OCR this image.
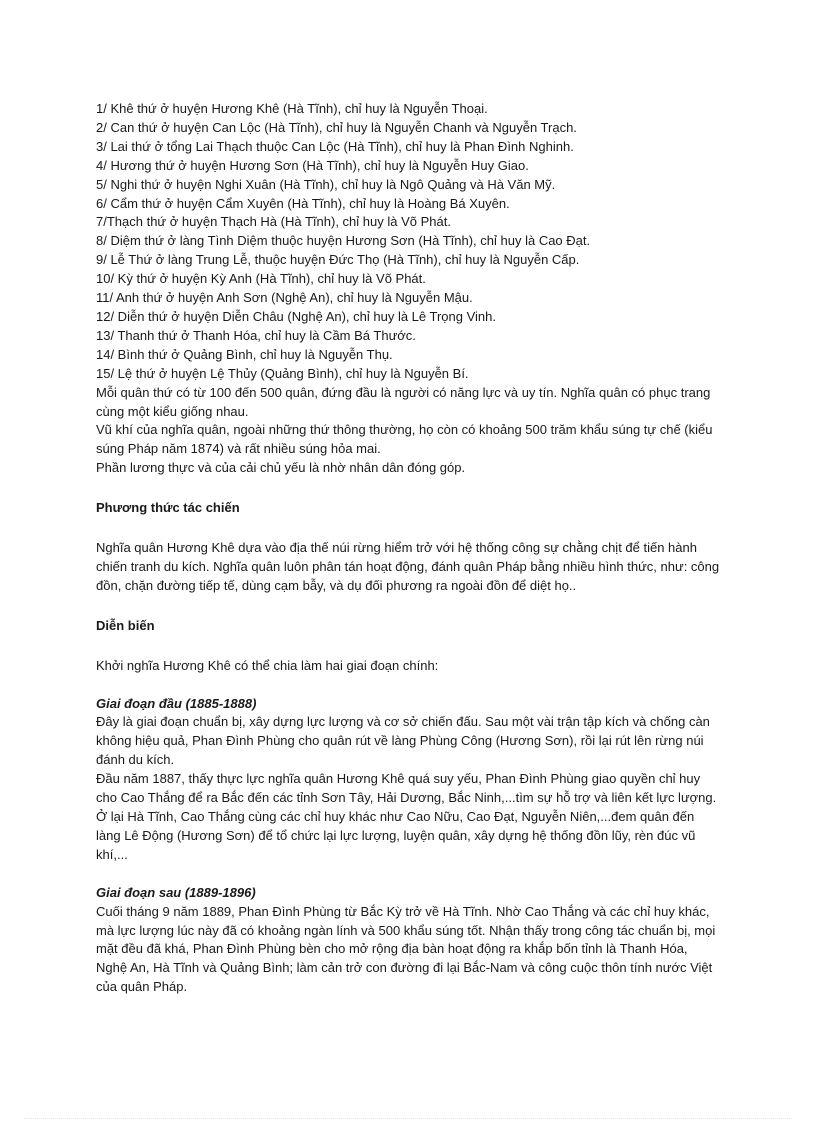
1/ Khê thứ ở huyện Hương Khê (Hà Tĩnh), chỉ huy là Nguyễn Thoại.
2/ Can thứ ở huyện Can Lộc (Hà Tĩnh), chỉ huy là Nguyễn Chanh và Nguyễn Trạch.
3/ Lai thứ ở tổng Lai Thạch thuộc Can Lộc (Hà Tĩnh), chỉ huy là Phan Đình Nghinh.
4/ Hương thứ ở huyện Hương Sơn (Hà Tĩnh), chỉ huy là Nguyễn Huy Giao.
5/ Nghi thứ ở huyện Nghi Xuân (Hà Tĩnh), chỉ huy là Ngô Quảng và Hà Văn Mỹ.
6/ Cẩm thứ ở huyện Cẩm Xuyên (Hà Tĩnh), chỉ huy là Hoàng Bá Xuyên.
7/Thạch thứ ở huyện Thạch Hà (Hà Tĩnh), chỉ huy là Võ Phát.
8/ Diệm thứ ở làng Tình Diệm thuộc huyện Hương Sơn (Hà Tĩnh), chỉ huy là Cao Đạt.
9/ Lễ Thứ ở làng Trung Lễ, thuộc huyện Đức Thọ (Hà Tĩnh), chỉ huy là Nguyễn Cấp.
10/ Kỳ thứ ở huyện Kỳ Anh (Hà Tĩnh), chỉ huy là Võ Phát.
11/ Anh thứ ở huyện Anh Sơn (Nghệ An), chỉ huy là Nguyễn Mậu.
12/ Diễn thứ ở huyện Diễn Châu (Nghệ An), chỉ huy là Lê Trọng Vinh.
13/ Thanh thứ ở Thanh Hóa, chỉ huy là Cầm Bá Thước.
14/ Bình thứ ở Quảng Bình, chỉ huy là Nguyễn Thụ.
15/ Lệ thứ ở huyện Lệ Thủy (Quảng Bình), chỉ huy là Nguyễn Bí.
Mỗi quân thứ có từ 100 đến 500 quân, đứng đầu là người có năng lực và uy tín. Nghĩa quân có phục trang cùng một kiểu giống nhau.
Vũ khí của nghĩa quân, ngoài những thứ thông thường, họ còn có khoảng 500 trăm khẩu súng tự chế (kiểu súng Pháp năm 1874) và rất nhiều súng hỏa mai.
Phần lương thực và của cải chủ yếu là nhờ nhân dân đóng góp.
Phương thức tác chiến
Nghĩa quân Hương Khê dựa vào địa thế núi rừng hiểm trở với hệ thống công sự chằng chịt để tiến hành chiến tranh du kích. Nghĩa quân luôn phân tán hoạt động, đánh quân Pháp bằng nhiều hình thức, như: công đồn, chặn đường tiếp tế, dùng cạm bẫy, và dụ đối phương ra ngoài đồn để diệt họ..
Diễn biến
Khởi nghĩa Hương Khê có thể chia làm hai giai đoạn chính:
Giai đoạn đầu (1885-1888)
Đây là giai đoạn chuẩn bị, xây dựng lực lượng và cơ sở chiến đấu. Sau một vài trận tập kích và chống càn không hiệu quả, Phan Đình Phùng cho quân rút về làng Phùng Công (Hương Sơn), rồi lại rút lên rừng núi đánh du kích.
Đầu năm 1887, thấy thực lực nghĩa quân Hương Khê quá suy yếu, Phan Đình Phùng giao quyền chỉ huy cho Cao Thắng để ra Bắc đến các tỉnh Sơn Tây, Hải Dương, Bắc Ninh,...tìm sự hỗ trợ và liên kết lực lượng.
Ở lại Hà Tĩnh, Cao Thắng cùng các chỉ huy khác như Cao Nữu, Cao Đạt, Nguyễn Niên,...đem quân đến làng Lê Động (Hương Sơn) để tổ chức lại lực lượng, luyện quân, xây dựng hệ thống đồn lũy, rèn đúc vũ khí,...
Giai đoạn sau (1889-1896)
Cuối tháng 9 năm 1889, Phan Đình Phùng từ Bắc Kỳ trở về Hà Tĩnh. Nhờ Cao Thắng và các chỉ huy khác, mà lực lượng lúc này đã có khoảng ngàn lính và 500 khẩu súng tốt. Nhận thấy trong công tác chuẩn bị, mọi mặt đều đã khá, Phan Đình Phùng bèn cho mở rộng địa bàn hoạt động ra khắp bốn tỉnh là Thanh Hóa, Nghệ An, Hà Tĩnh và Quảng Bình; làm cản trở con đường đi lại Bắc-Nam và công cuộc thôn tính nước Việt của quân Pháp.
